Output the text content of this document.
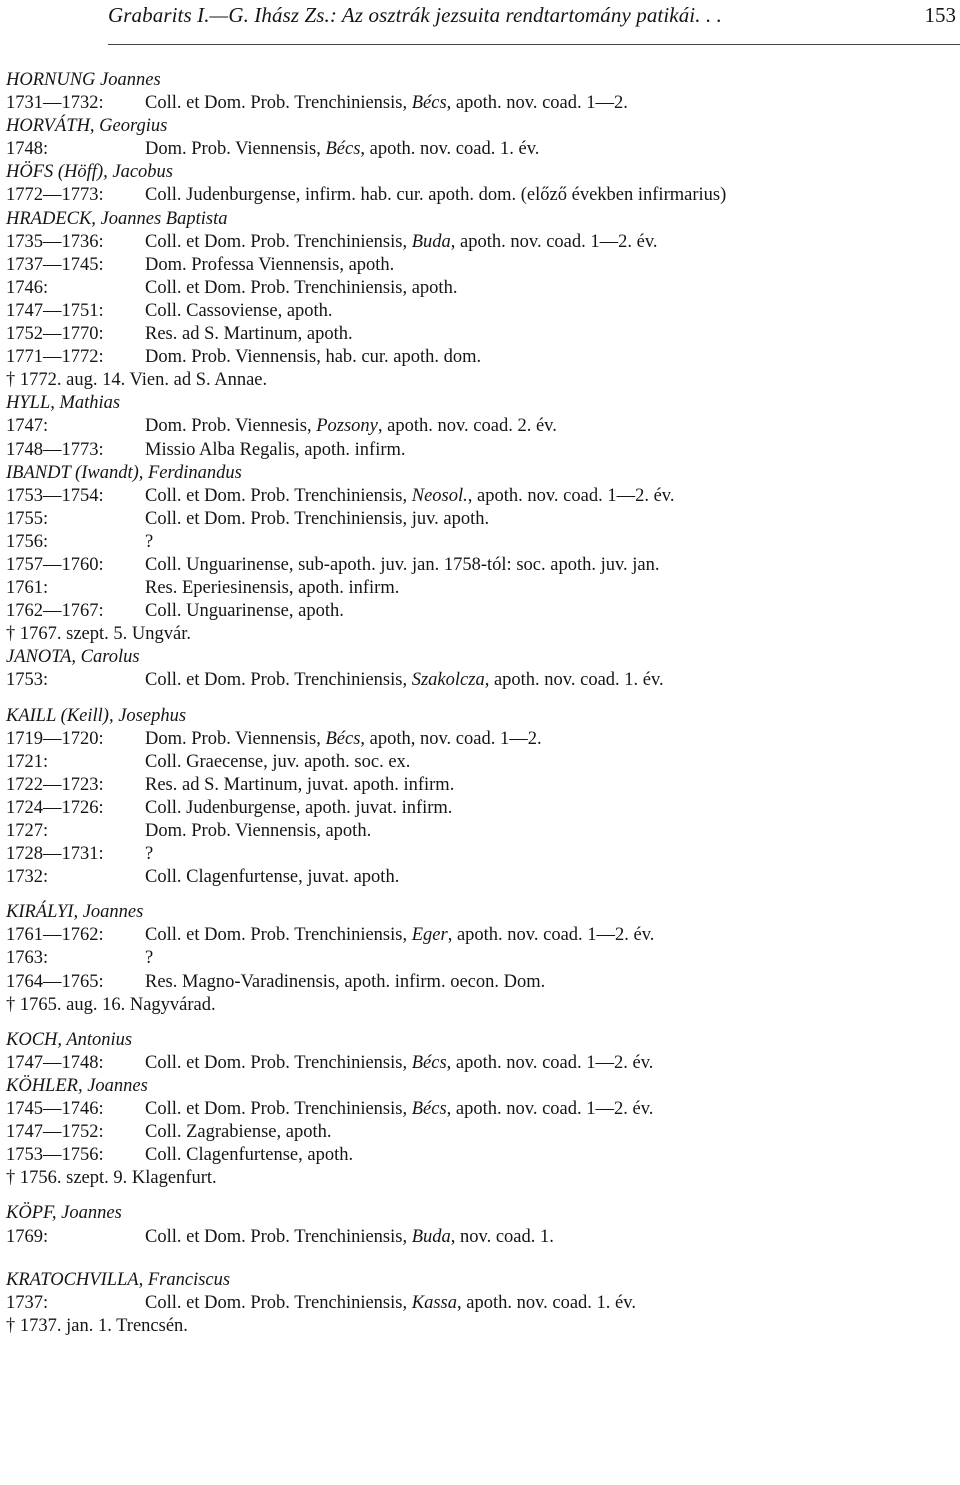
Grabarits I.—G. Ihász Zs.: Az osztrák jezsuita rendtartomány patikái. . .	153
HORNUNG Joannes
1731—1732: Coll. et Dom. Prob. Trenchiniensis, Bécs, apoth. nov. coad. 1—2.
HORVÁTH, Georgius
1748:	Dom. Prob. Viennensis, Bécs, apoth. nov. coad. 1. év.
HÖFS (Höff), Jacobus
1772—1773: Coll. Judenburgense, infirm. hab. cur. apoth. dom. (előző években infirmarius)
HRADECK, Joannes Baptista
1735—1736: Coll. et Dom. Prob. Trenchiniensis, Buda, apoth. nov. coad. 1—2. év.
1737—1745: Dom. Professa Viennensis, apoth.
1746:	Coll. et Dom. Prob. Trenchiniensis, apoth.
1747—1751: Coll. Cassoviense, apoth.
1752—1770: Res. ad S. Martinum, apoth.
1771—1772: Dom. Prob. Viennensis, hab. cur. apoth. dom.
† 1772. aug. 14. Vien. ad S. Annae.
HYLL, Mathias
1747:	Dom. Prob. Viennesis, Pozsony, apoth. nov. coad. 2. év.
1748—1773: Missio Alba Regalis, apoth. infirm.
IBANDT (Iwandt), Ferdinandus
1753—1754: Coll. et Dom. Prob. Trenchiniensis, Neosol., apoth. nov. coad. 1—2. év.
1755:	Coll. et Dom. Prob. Trenchiniensis, juv. apoth.
1756:	?
1757—1760: Coll. Unguarinense, sub-apoth. juv. jan. 1758-tól: soc. apoth. juv. jan.
1761:	Res. Eperiesinensis, apoth. infirm.
1762—1767: Coll. Unguarinense, apoth.
† 1767. szept. 5. Ungvár.
JANOTA, Carolus
1753:	Coll. et Dom. Prob. Trenchiniensis, Szakolcza, apoth. nov. coad. 1. év.
KAILL (Keill), Josephus
1719—1720: Dom. Prob. Viennensis, Bécs, apoth, nov. coad. 1—2.
1721:	Coll. Graecense, juv. apoth. soc. ex.
1722—1723: Res. ad S. Martinum, juvat. apoth. infirm.
1724—1726: Coll. Judenburgense, apoth. juvat. infirm.
1727:	Dom. Prob. Viennensis, apoth.
1728—1731: ?
1732:	Coll. Clagenfurtense, juvat. apoth.
KIRÁLYI, Joannes
1761—1762: Coll. et Dom. Prob. Trenchiniensis, Eger, apoth. nov. coad. 1—2. év.
1763:	?
1764—1765: Res. Magno-Varadinensis, apoth. infirm. oecon. Dom.
† 1765. aug. 16. Nagyvárad.
KOCH, Antonius
1747—1748: Coll. et Dom. Prob. Trenchiniensis, Bécs, apoth. nov. coad. 1—2. év.
KÖHLER, Joannes
1745—1746: Coll. et Dom. Prob. Trenchiniensis, Bécs, apoth. nov. coad. 1—2. év.
1747—1752: Coll. Zagrabiense, apoth.
1753—1756: Coll. Clagenfurtense, apoth.
† 1756. szept. 9. Klagenfurt.
KÖPF, Joannes
1769:	Coll. et Dom. Prob. Trenchiniensis, Buda, nov. coad. 1.
KRATOCHVILLA, Franciscus
1737:	Coll. et Dom. Prob. Trenchiniensis, Kassa, apoth. nov. coad. 1. év.
† 1737. jan. 1. Trencsén.
